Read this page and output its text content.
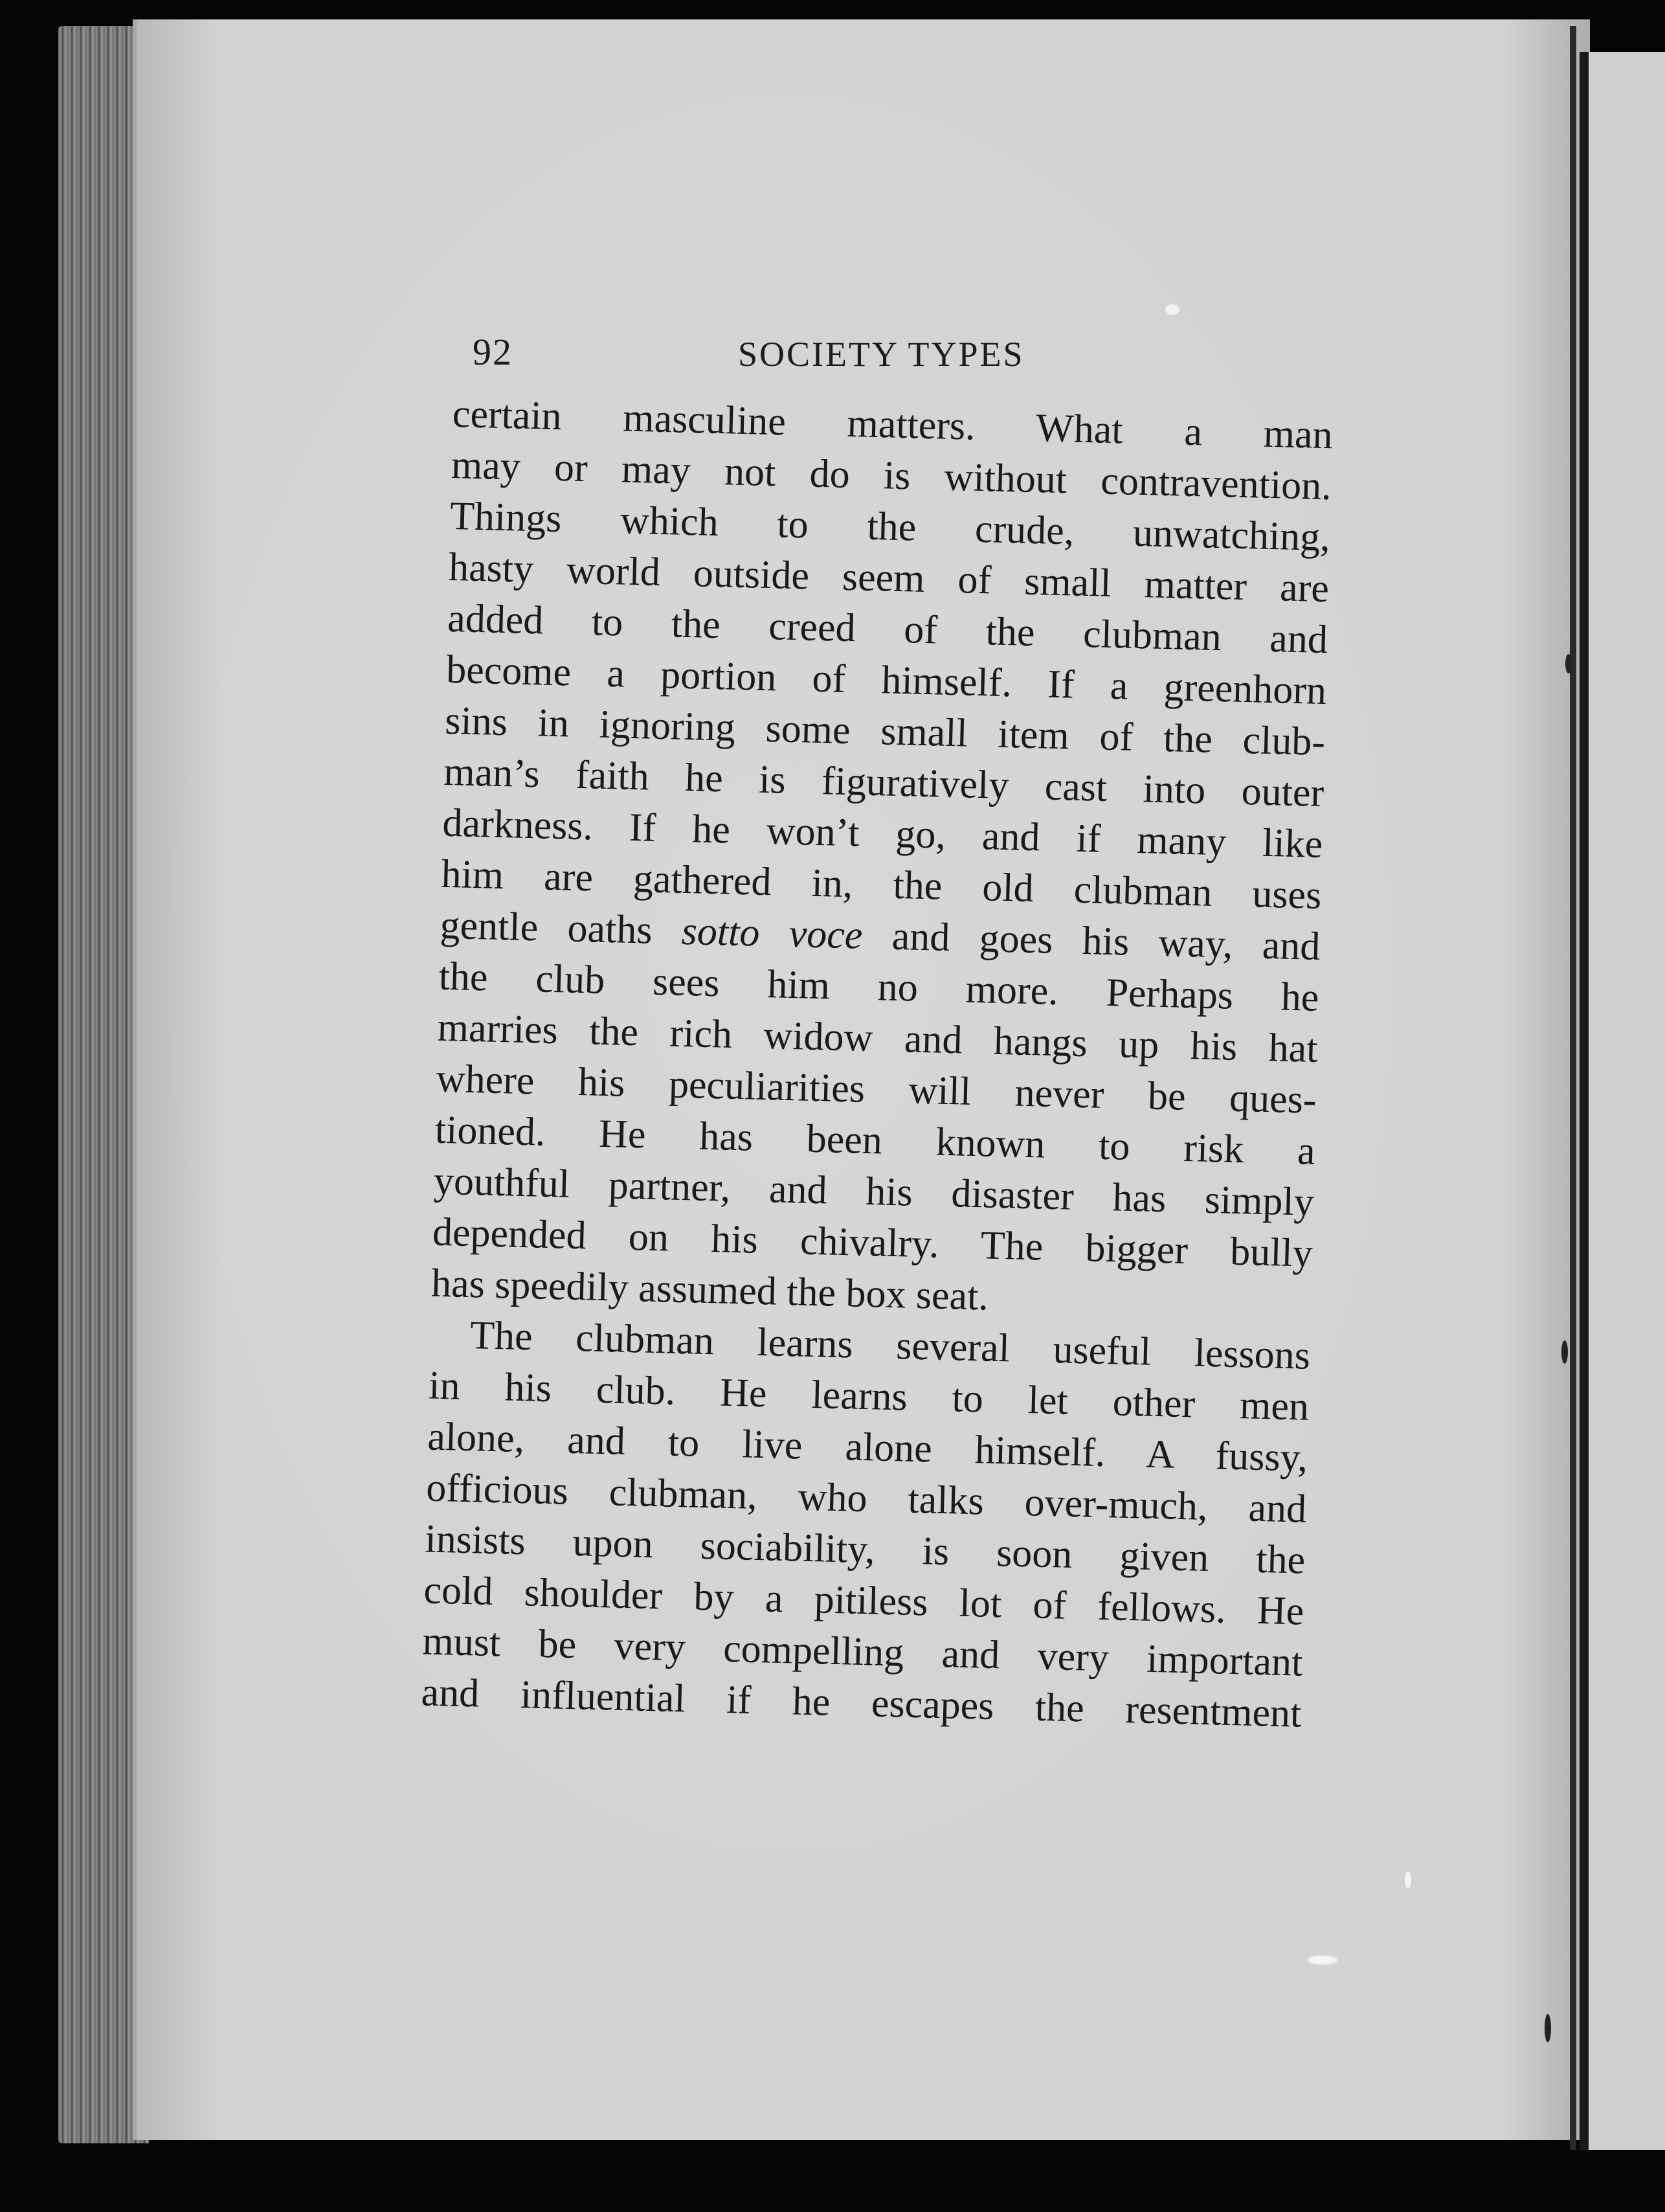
92	SOCIETY TYPES
certain masculine matters. What a man
may or may not do is without contravention.
Things which to the crude, unwatching,
hasty world outside seem of small matter are
added to the creed of the clubman and
become a portion of himself. If a greenhorn
sins in ignoring some small item of the club-
man’s faith he is figuratively cast into outer
darkness. If he won’t go, and if many like
him are gathered in, the old clubman uses
gentle oaths sotto voce and goes his way, and
the club sees him no more. Perhaps he
marries the rich widow and hangs up his hat
where his peculiarities will never be ques-
tioned. He has been known to risk a
youthful partner, and his disaster has simply
depended on his chivalry. The bigger bully
has speedily assumed the box seat.
The clubman learns several useful lessons
in his club. He learns to let other men
alone, and to live alone himself. A fussy,
officious clubman, who talks over-much, and
insists upon sociability, is soon given the
cold shoulder by a pitiless lot of fellows. He
must be very compelling and very important
and influential if he escapes the resentment
